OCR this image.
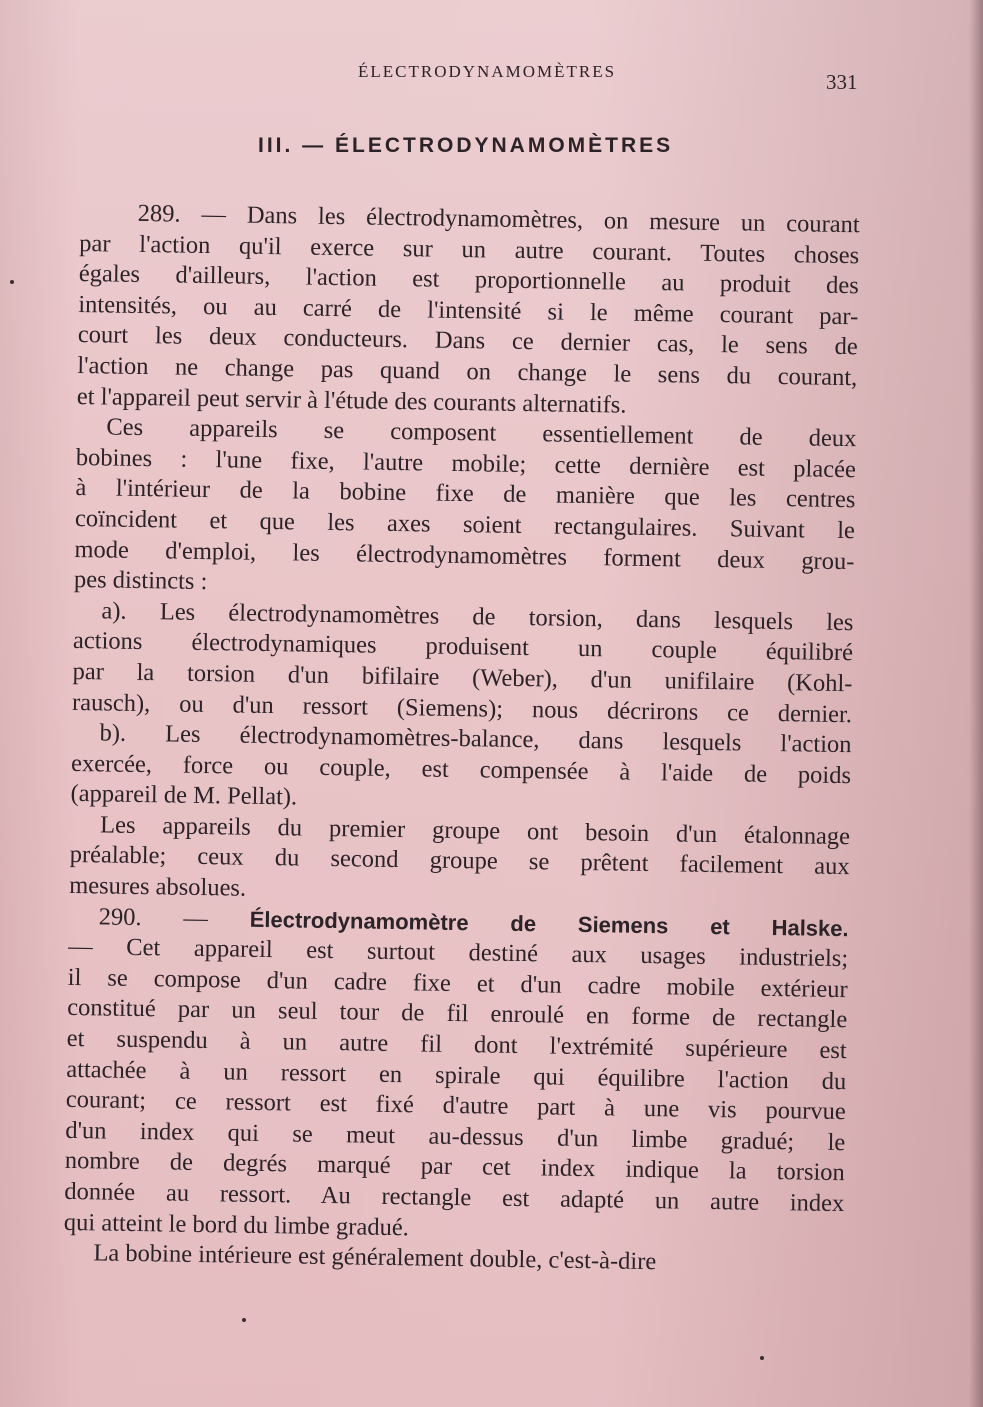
ÉLECTRODYNAMOMÈTRES	331
III. — ÉLECTRODYNAMOMÈTRES
289. — Dans les électrodynamomètres, on mesure un courant
par l'action qu'il exerce sur un autre courant. Toutes choses
égales d'ailleurs, l'action est proportionnelle au produit des
intensités, ou au carré de l'intensité si le même courant par-
court les deux conducteurs. Dans ce dernier cas, le sens de
l'action ne change pas quand on change le sens du courant,
et l'appareil peut servir à l'étude des courants alternatifs.
Ces appareils se composent essentiellement de deux
bobines : l'une fixe, l'autre mobile; cette dernière est placée
à l'intérieur de la bobine fixe de manière que les centres
coïncident et que les axes soient rectangulaires. Suivant le
mode d'emploi, les électrodynamomètres forment deux grou-
pes distincts :
a). Les électrodynamomètres de torsion, dans lesquels les
actions électrodynamiques produisent un couple équilibré
par la torsion d'un bifilaire (Weber), d'un unifilaire (Kohl-
rausch), ou d'un ressort (Siemens); nous décrirons ce dernier.
b). Les électrodynamomètres-balance, dans lesquels l'action
exercée, force ou couple, est compensée à l'aide de poids
(appareil de M. Pellat).
Les appareils du premier groupe ont besoin d'un étalonnage
préalable; ceux du second groupe se prêtent facilement aux
mesures absolues.
290. — Électrodynamomètre de Siemens et Halske.
— Cet appareil est surtout destiné aux usages industriels;
il se compose d'un cadre fixe et d'un cadre mobile extérieur
constitué par un seul tour de fil enroulé en forme de rectangle
et suspendu à un autre fil dont l'extrémité supérieure est
attachée à un ressort en spirale qui équilibre l'action du
courant; ce ressort est fixé d'autre part à une vis pourvue
d'un index qui se meut au-dessus d'un limbe gradué; le
nombre de degrés marqué par cet index indique la torsion
donnée au ressort. Au rectangle est adapté un autre index
qui atteint le bord du limbe gradué.
La bobine intérieure est généralement double, c'est-à-dire
